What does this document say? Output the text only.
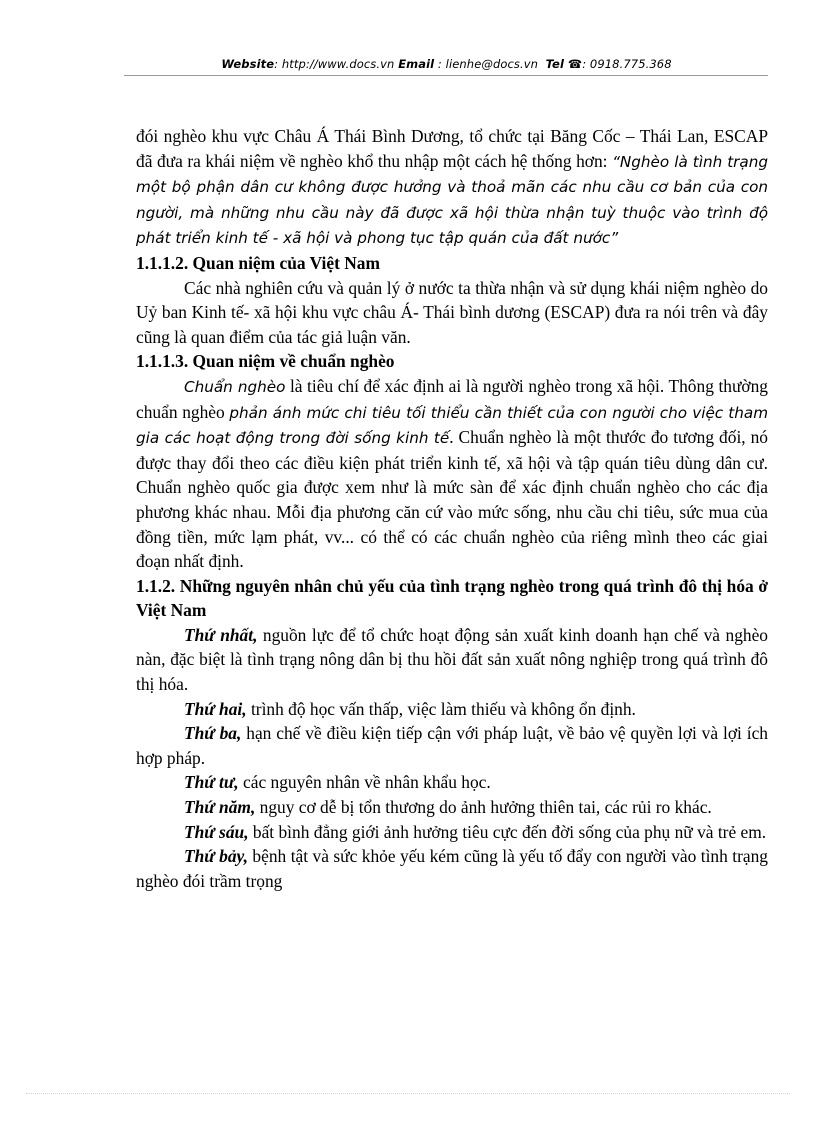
Website: http://www.docs.vn Email : lienhe@docs.vn Tel ☎: 0918.775.368

đói nghèo khu vực Châu Á Thái Bình Dương, tổ chức tại Băng Cốc – Thái Lan, ESCAP đã đưa ra khái niệm về nghèo khổ thu nhập một cách hệ thống hơn: “Nghèo là tình trạng một bộ phận dân cư không được hưởng và thoả mãn các nhu cầu cơ bản của con người, mà những nhu cầu này đã được xã hội thừa nhận tuỳ thuộc vào trình độ phát triển kinh tế - xã hội và phong tục tập quán của đất nước”

1.1.1.2. Quan niệm của Việt Nam

Các nhà nghiên cứu và quản lý ở nước ta thừa nhận và sử dụng khái niệm nghèo do Uỷ ban Kinh tế- xã hội khu vực châu Á- Thái bình dương (ESCAP) đưa ra nói trên và đây cũng là quan điểm của tác giả luận văn.

1.1.1.3. Quan niệm về chuẩn nghèo

Chuẩn nghèo là tiêu chí để xác định ai là người nghèo trong xã hội. Thông thường chuẩn nghèo phản ánh mức chi tiêu tối thiểu cần thiết của con người cho việc tham gia các hoạt động trong đời sống kinh tế. Chuẩn nghèo là một thước đo tương đối, nó được thay đổi theo các điều kiện phát triển kinh tế, xã hội và tập quán tiêu dùng dân cư. Chuẩn nghèo quốc gia được xem như là mức sàn để xác định chuẩn nghèo cho các địa phương khác nhau. Mỗi địa phương căn cứ vào mức sống, nhu cầu chi tiêu, sức mua của đồng tiền, mức lạm phát, vv... có thể có các chuẩn nghèo của riêng mình theo các giai đoạn nhất định.

1.1.2. Những nguyên nhân chủ yếu của tình trạng nghèo trong quá trình đô thị hóa ở Việt Nam

Thứ nhất, nguồn lực để tổ chức hoạt động sản xuất kinh doanh hạn chế và nghèo nàn, đặc biệt là tình trạng nông dân bị thu hồi đất sản xuất nông nghiệp trong quá trình đô thị hóa.

Thứ hai, trình độ học vấn thấp, việc làm thiếu và không ổn định.

Thứ ba, hạn chế về điều kiện tiếp cận với pháp luật, về bảo vệ quyền lợi và lợi ích hợp pháp.

Thứ tư, các nguyên nhân về nhân khẩu học.

Thứ năm, nguy cơ dễ bị tổn thương do ảnh hưởng thiên tai, các rủi ro khác.

Thứ sáu, bất bình đẳng giới ảnh hưởng tiêu cực đến đời sống của phụ nữ và trẻ em.

Thứ bảy, bệnh tật và sức khỏe yếu kém cũng là yếu tố đẩy con người vào tình trạng nghèo đói trầm trọng
